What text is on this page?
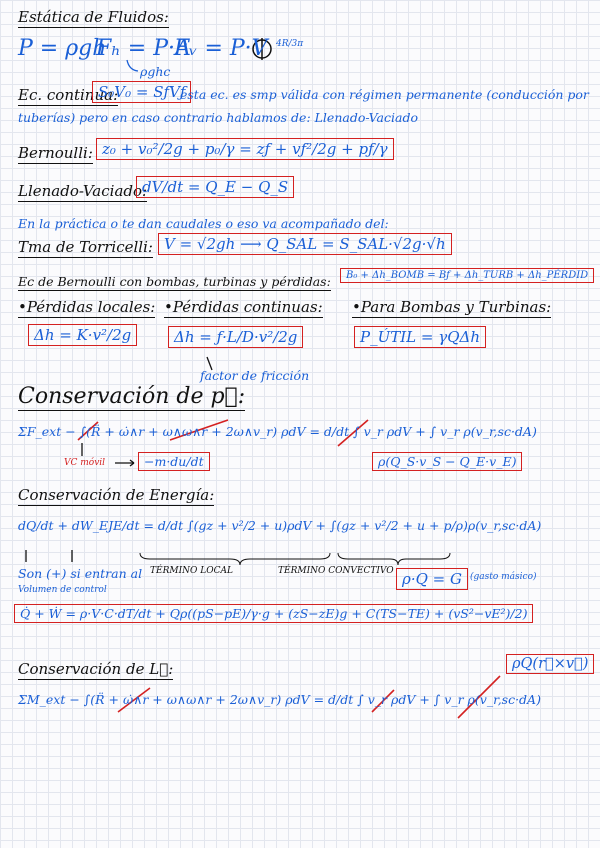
Estática de Fluidos:
P = ρgh
Fₕ = P·A
ρghc
Fᵥ = P·V 4R/3π
Ec. continua:
S₀V₀ = SƒVƒ
esta ec. es smp válida con régimen permanente (conducción por
tuberías) pero en caso contrario hablamos de: Llenado-Vaciado
Bernoulli: z₀ + v₀²/2g + p₀/γ = zƒ + vƒ²/2g + pƒ/γ
Llenado-Vaciado:
dV/dt = Q_E − Q_S
En la práctica o te dan caudales o eso va acompañado del:
Tma de Torricelli: V = √2gh ⟶ Q_SAL = S_SAL·√2g·√h
Ec de Bernoulli con bombas, turbinas y pérdidas:	B₀ + Δh_BOMB = Bƒ + Δh_TURB + Δh_PÉRDID
•Pérdidas locales:
Δh = K·v²/2g
•Pérdidas continuas:
Δh = ƒ·L/D·v²/2g
factor de fricción
•Para Bombas y Turbinas:
P_ÚTIL = γQΔh
Conservación de p⃗:
ΣF_ext − ∫(R̈ + ω̇∧r + ω∧ω∧r + 2ω∧v_r) ρdV = d/dt ∫ v_r ρdV + ∫ v_r ρ(v_r,sc·dA)
VC móvil	−m·du/dt	ρ(Q_S·v_S − Q_E·v_E)
Conservación de Energía:
dQ/dt + dW_EJE/dt = d/dt ∫(gz + v²/2 + u)ρdV + ∫(gz + v²/2 + u + p/ρ)ρ(v_r,sc·dA)
Son (+) si entran al
Volumen de control
TÉRMINO LOCAL	TÉRMINO CONVECTIVO ρ·Q = G (gasto másico)
Q̇ + Ẇ = ρ·V·C·dT/dt + Qρ((pS−pE)/γ·g + (zS−zE)g + C(TS−TE) + (vS²−vE²)/2)
Conservación de L⃗:	ρQ(r⃗×v⃗)
ΣM_ext − ∫(R̈ + ω̇∧r + ω∧ω∧r + 2ω∧v_r) ρdV = d/dt ∫ v_r ρdV + ∫ v_r ρ(v_r,sc·dA)
